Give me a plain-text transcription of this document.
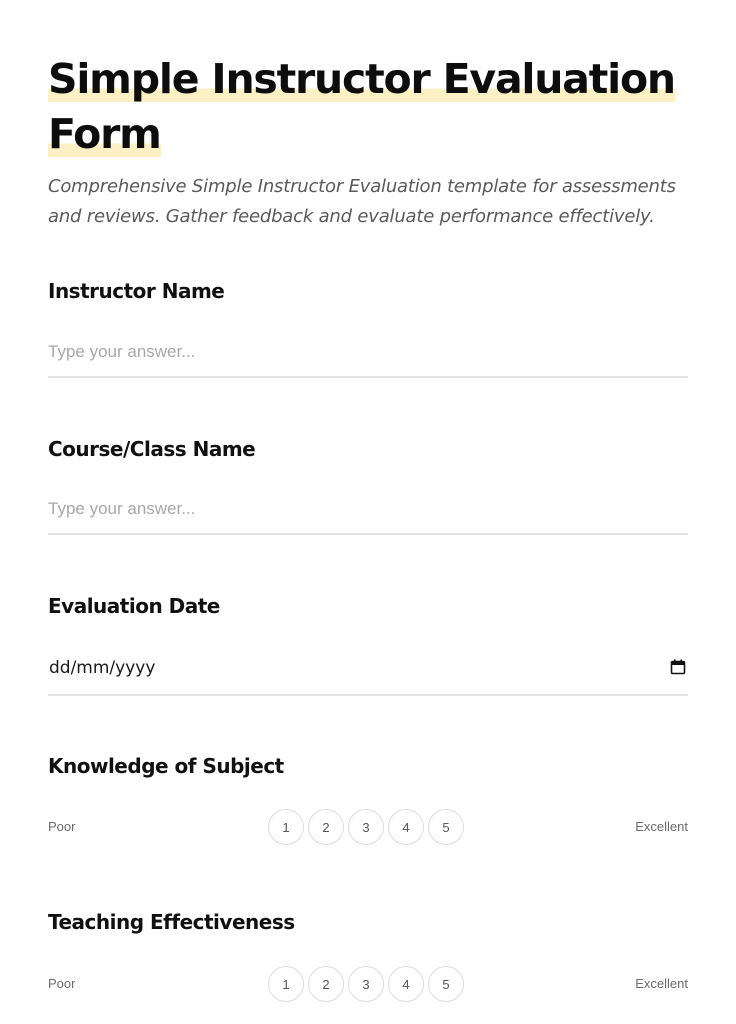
Simple Instructor Evaluation Form

Comprehensive Simple Instructor Evaluation template for assessments and reviews. Gather feedback and evaluate performance effectively.

Instructor Name
Type your answer...
Course/Class Name
Type your answer...
Evaluation Date
dd/mm/yyyy
Knowledge of Subject
Poor	1	2	3	4	5	Excellent
Teaching Effectiveness
Poor	1	2	3	4	5	Excellent
